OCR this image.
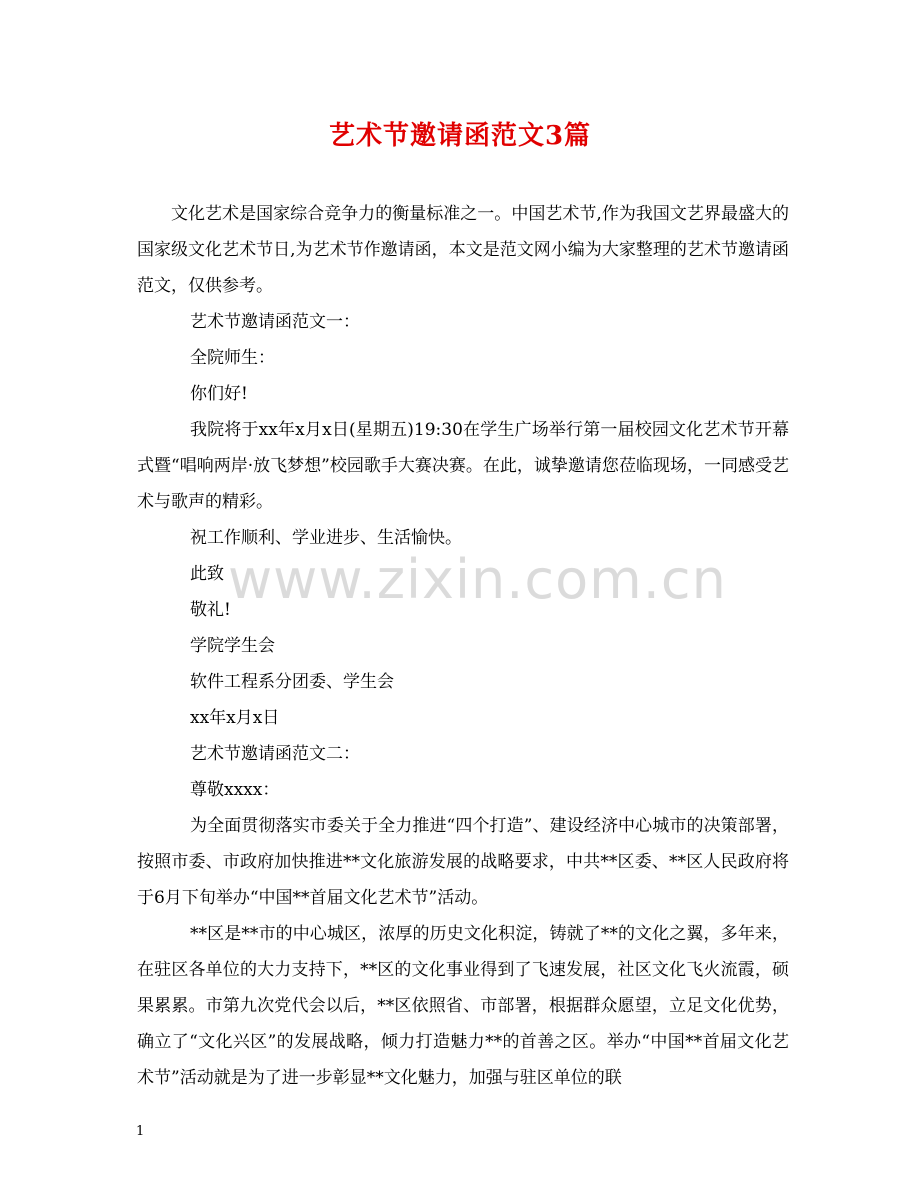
艺术节邀请函范文3篇

文化艺术是国家综合竞争力的衡量标准之一。中国艺术节,作为我国文艺界最盛大的国家级文化艺术节日,为艺术节作邀请函，本文是范文网小编为大家整理的艺术节邀请函范文，仅供参考。

艺术节邀请函范文一：

全院师生：

你们好!

我院将于xx年x月x日(星期五)19:30在学生广场举行第一届校园文化艺术节开幕式暨“唱响两岸·放飞梦想”校园歌手大赛决赛。在此，诚挚邀请您莅临现场，一同感受艺术与歌声的精彩。

祝工作顺利、学业进步、生活愉快。

此致

敬礼!

学院学生会

软件工程系分团委、学生会

xx年x月x日

艺术节邀请函范文二：

尊敬xxxx：

为全面贯彻落实市委关于全力推进“四个打造”、建设经济中心城市的决策部署，按照市委、市政府加快推进**文化旅游发展的战略要求，中共**区委、**区人民政府将于6月下旬举办“中国**首届文化艺术节”活动。

**区是**市的中心城区，浓厚的历史文化积淀，铸就了**的文化之翼，多年来，在驻区各单位的大力支持下，**区的文化事业得到了飞速发展，社区文化飞火流霞，硕果累累。市第九次党代会以后，**区依照省、市部署，根据群众愿望，立足文化优势，确立了“文化兴区”的发展战略，倾力打造魅力**的首善之区。举办“中国**首届文化艺术节”活动就是为了进一步彰显**文化魅力，加强与驻区单位的联

www.zixin.com.cn
1
